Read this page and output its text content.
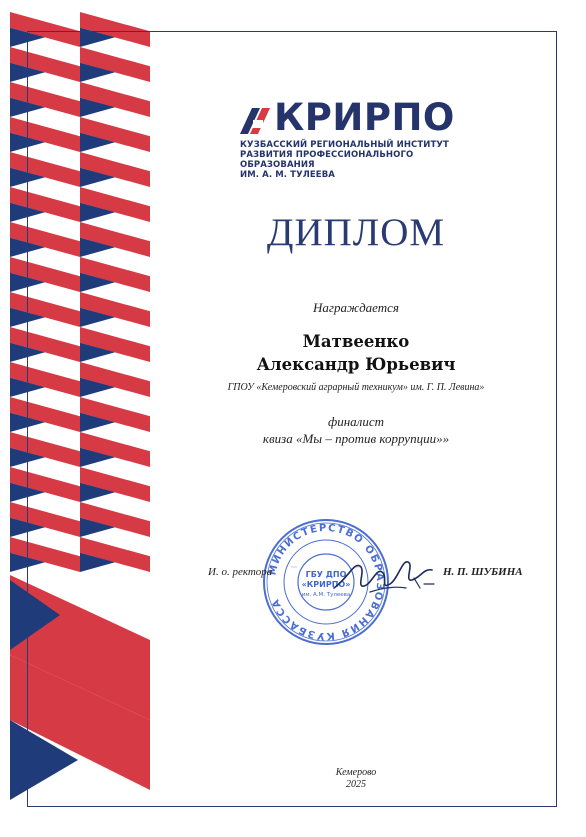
КРИРПО
КУЗБАССКИЙ РЕГИОНАЛЬНЫЙ ИНСТИТУТ
РАЗВИТИЯ ПРОФЕССИОНАЛЬНОГО ОБРАЗОВАНИЯ
ИМ. А. М. ТУЛЕЕВА
ДИПЛОМ
Награждается
Матвеенко
Александр Юрьевич
ГПОУ «Кемеровский аграрный техникум» им. Г. П. Левина»
финалист
квиза «Мы – против коррупции»»
МИНИСТЕРСТВО ОБРАЗОВАНИЯ КУЗБАССА
ГБУ ДПО
«КРИРПО»
им. А.М. Тулеева
И. о. ректора	Н. П. ШУБИНА
Кемерово
2025
